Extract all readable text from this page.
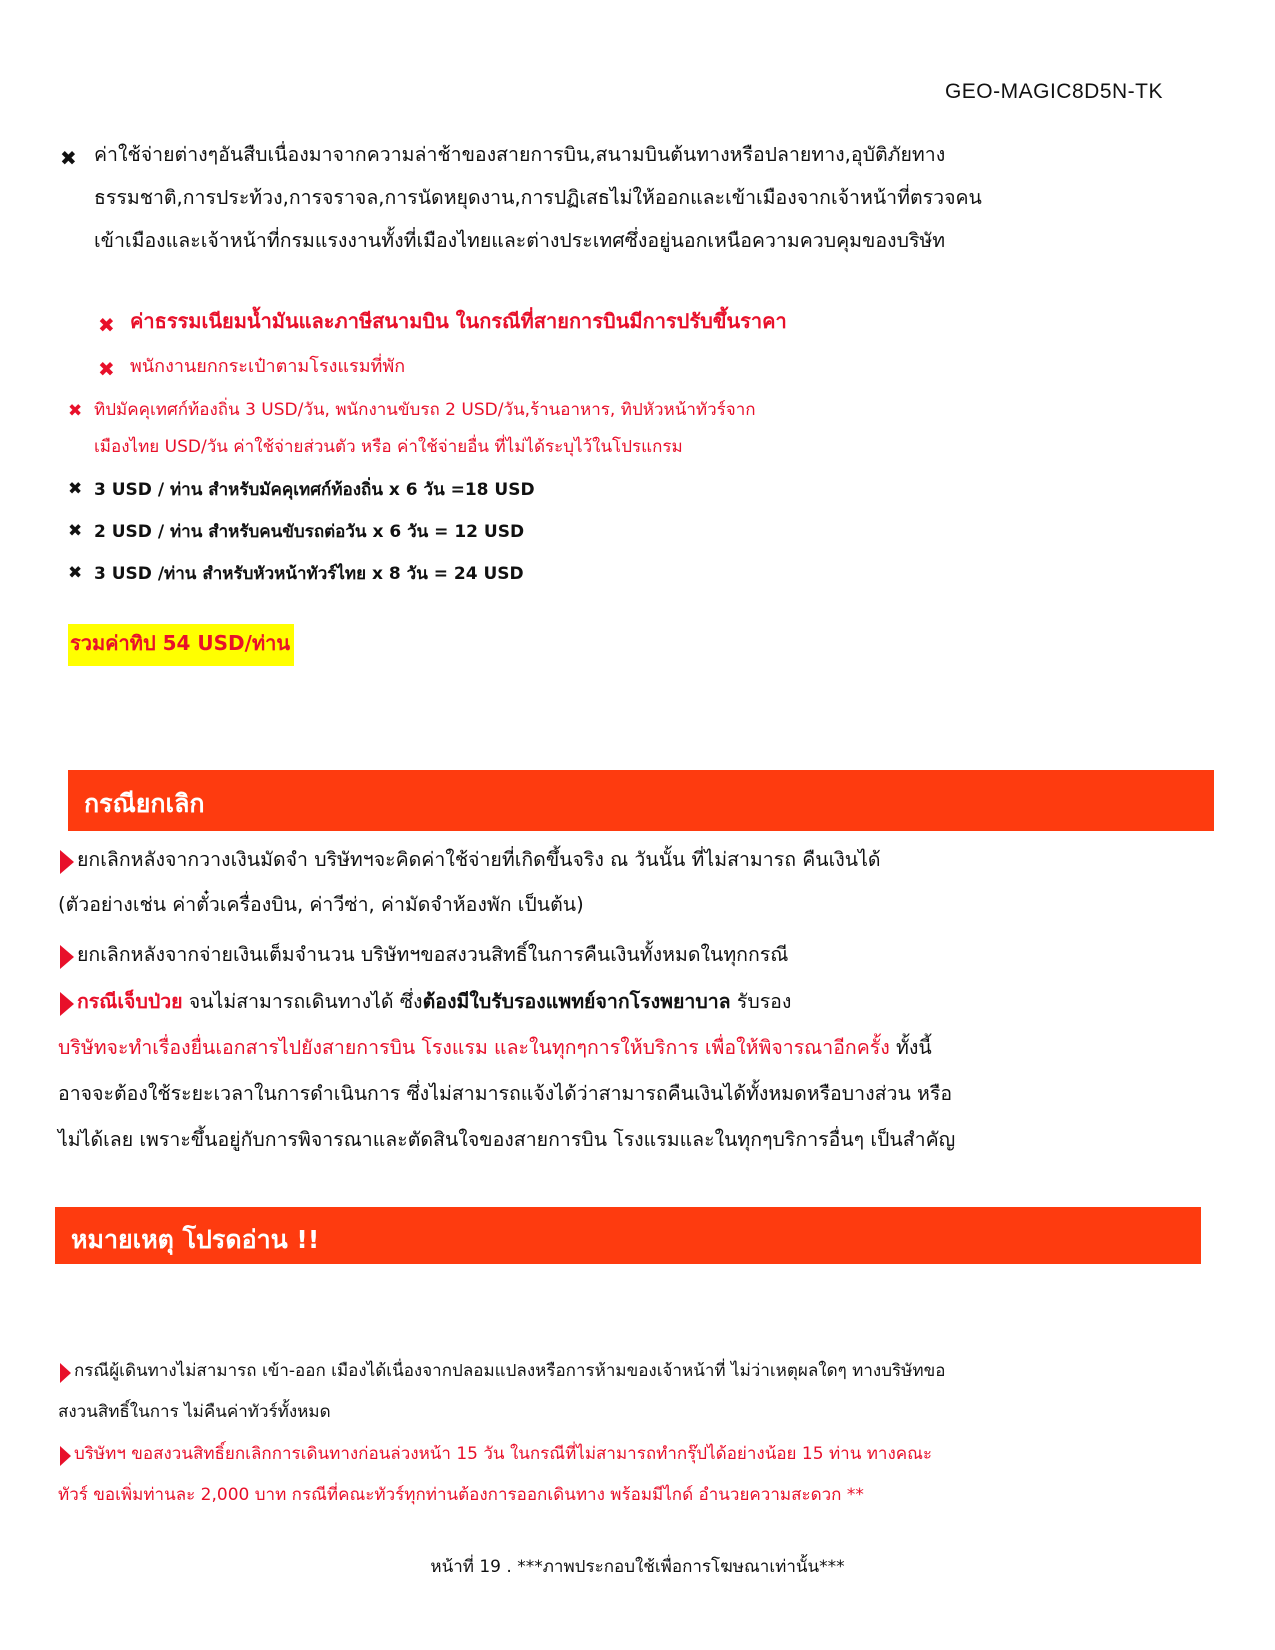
GEO-MAGIC8D5N-TK
✖ ค่าใช้จ่ายต่างๆอันสืบเนื่องมาจากความล่าช้าของสายการบิน,สนามบินต้นทางหรือปลายทาง,อุบัติภัยทาง
ธรรมชาติ,การประท้วง,การจราจล,การนัดหยุดงาน,การปฏิเสธไม่ให้ออกและเข้าเมืองจากเจ้าหน้าที่ตรวจคน
เข้าเมืองและเจ้าหน้าที่กรมแรงงานทั้งที่เมืองไทยและต่างประเทศซึ่งอยู่นอกเหนือความควบคุมของบริษัท
✖ ค่าธรรมเนียมน้ำมันและภาษีสนามบิน ในกรณีที่สายการบินมีการปรับขึ้นราคา
✖ พนักงานยกกระเป๋าตามโรงแรมที่พัก
✖ ทิปมัคคุเทศก์ท้องถิ่น 3 USD/วัน, พนักงานขับรถ 2 USD/วัน,ร้านอาหาร, ทิปหัวหน้าทัวร์จาก
เมืองไทย USD/วัน ค่าใช้จ่ายส่วนตัว หรือ ค่าใช้จ่ายอื่น ที่ไม่ได้ระบุไว้ในโปรแกรม
✖ 3 USD / ท่าน สำหรับมัคคุเทศก์ท้องถิ่น x 6 วัน =18 USD
✖ 2 USD / ท่าน สำหรับคนขับรถต่อวัน x 6 วัน = 12 USD
✖ 3 USD /ท่าน สำหรับหัวหน้าทัวร์ไทย x 8 วัน = 24 USD
รวมค่าทิป 54 USD/ท่าน
กรณียกเลิก
ยกเลิกหลังจากวางเงินมัดจำ บริษัทฯจะคิดค่าใช้จ่ายที่เกิดขึ้นจริง ณ วันนั้น ที่ไม่สามารถ คืนเงินได้
(ตัวอย่างเช่น ค่าตั๋วเครื่องบิน, ค่าวีซ่า, ค่ามัดจำห้องพัก เป็นต้น)
ยกเลิกหลังจากจ่ายเงินเต็มจำนวน บริษัทฯขอสงวนสิทธิ์ในการคืนเงินทั้งหมดในทุกกรณี
กรณีเจ็บป่วย จนไม่สามารถเดินทางได้ ซึ่งต้องมีใบรับรองแพทย์จากโรงพยาบาล รับรอง
บริษัทจะทำเรื่องยื่นเอกสารไปยังสายการบิน โรงแรม และในทุกๆการให้บริการ เพื่อให้พิจารณาอีกครั้ง ทั้งนี้
อาจจะต้องใช้ระยะเวลาในการดำเนินการ ซึ่งไม่สามารถแจ้งได้ว่าสามารถคืนเงินได้ทั้งหมดหรือบางส่วน หรือ
ไม่ได้เลย เพราะขึ้นอยู่กับการพิจารณาและตัดสินใจของสายการบิน โรงแรมและในทุกๆบริการอื่นๆ เป็นสำคัญ
หมายเหตุ โปรดอ่าน !!
กรณีผู้เดินทางไม่สามารถ เข้า-ออก เมืองได้เนื่องจากปลอมแปลงหรือการห้ามของเจ้าหน้าที่ ไม่ว่าเหตุผลใดๆ ทางบริษัทขอ
สงวนสิทธิ์ในการ ไม่คืนค่าทัวร์ทั้งหมด
บริษัทฯ ขอสงวนสิทธิ์ยกเลิกการเดินทางก่อนล่วงหน้า 15 วัน ในกรณีที่ไม่สามารถทำกรุ๊ปได้อย่างน้อย 15 ท่าน ทางคณะ
ทัวร์ ขอเพิ่มท่านละ 2,000 บาท กรณีที่คณะทัวร์ทุกท่านต้องการออกเดินทาง พร้อมมีไกด์ อำนวยความสะดวก **
หน้าที่ 19 . ***ภาพประกอบใช้เพื่อการโฆษณาเท่านั้น***
